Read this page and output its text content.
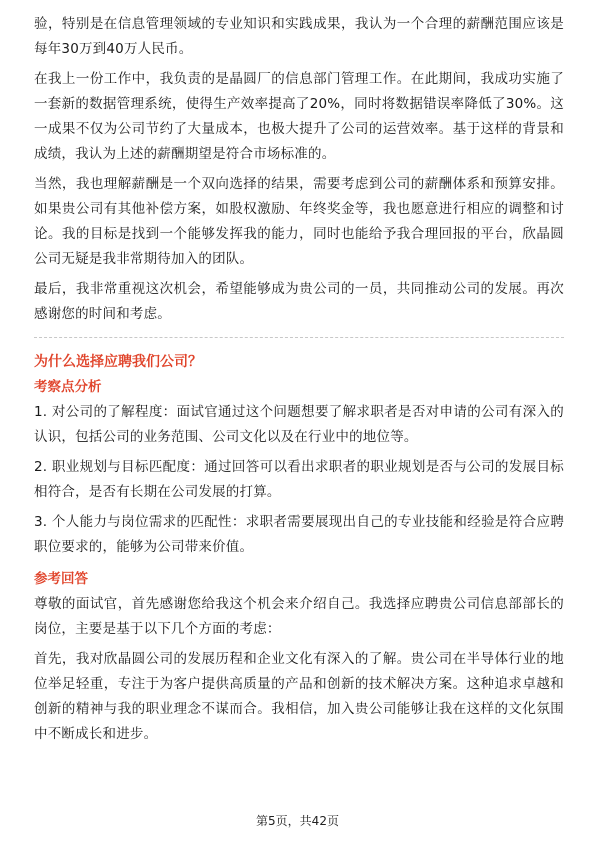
验，特别是在信息管理领域的专业知识和实践成果，我认为一个合理的薪酬范围应该是每年30万到40万人民币。

在我上一份工作中，我负责的是晶圆厂的信息部门管理工作。在此期间，我成功实施了一套新的数据管理系统，使得生产效率提高了20%，同时将数据错误率降低了30%。这一成果不仅为公司节约了大量成本，也极大提升了公司的运营效率。基于这样的背景和成绩，我认为上述的薪酬期望是符合市场标准的。

当然，我也理解薪酬是一个双向选择的结果，需要考虑到公司的薪酬体系和预算安排。如果贵公司有其他补偿方案，如股权激励、年终奖金等，我也愿意进行相应的调整和讨论。我的目标是找到一个能够发挥我的能力，同时也能给予我合理回报的平台，欣晶圆公司无疑是我非常期待加入的团队。

最后，我非常重视这次机会，希望能够成为贵公司的一员，共同推动公司的发展。再次感谢您的时间和考虑。

为什么选择应聘我们公司？
考察点分析

1. 对公司的了解程度：面试官通过这个问题想要了解求职者是否对申请的公司有深入的认识，包括公司的业务范围、公司文化以及在行业中的地位等。

2. 职业规划与目标匹配度：通过回答可以看出求职者的职业规划是否与公司的发展目标相符合，是否有长期在公司发展的打算。

3. 个人能力与岗位需求的匹配性：求职者需要展现出自己的专业技能和经验是符合应聘职位要求的，能够为公司带来价值。

参考回答

尊敬的面试官，首先感谢您给我这个机会来介绍自己。我选择应聘贵公司信息部部长的岗位，主要是基于以下几个方面的考虑：

首先，我对欣晶圆公司的发展历程和企业文化有深入的了解。贵公司在半导体行业的地位举足轻重，专注于为客户提供高质量的产品和创新的技术解决方案。这种追求卓越和创新的精神与我的职业理念不谋而合。我相信，加入贵公司能够让我在这样的文化氛围中不断成长和进步。

第5页，共42页
